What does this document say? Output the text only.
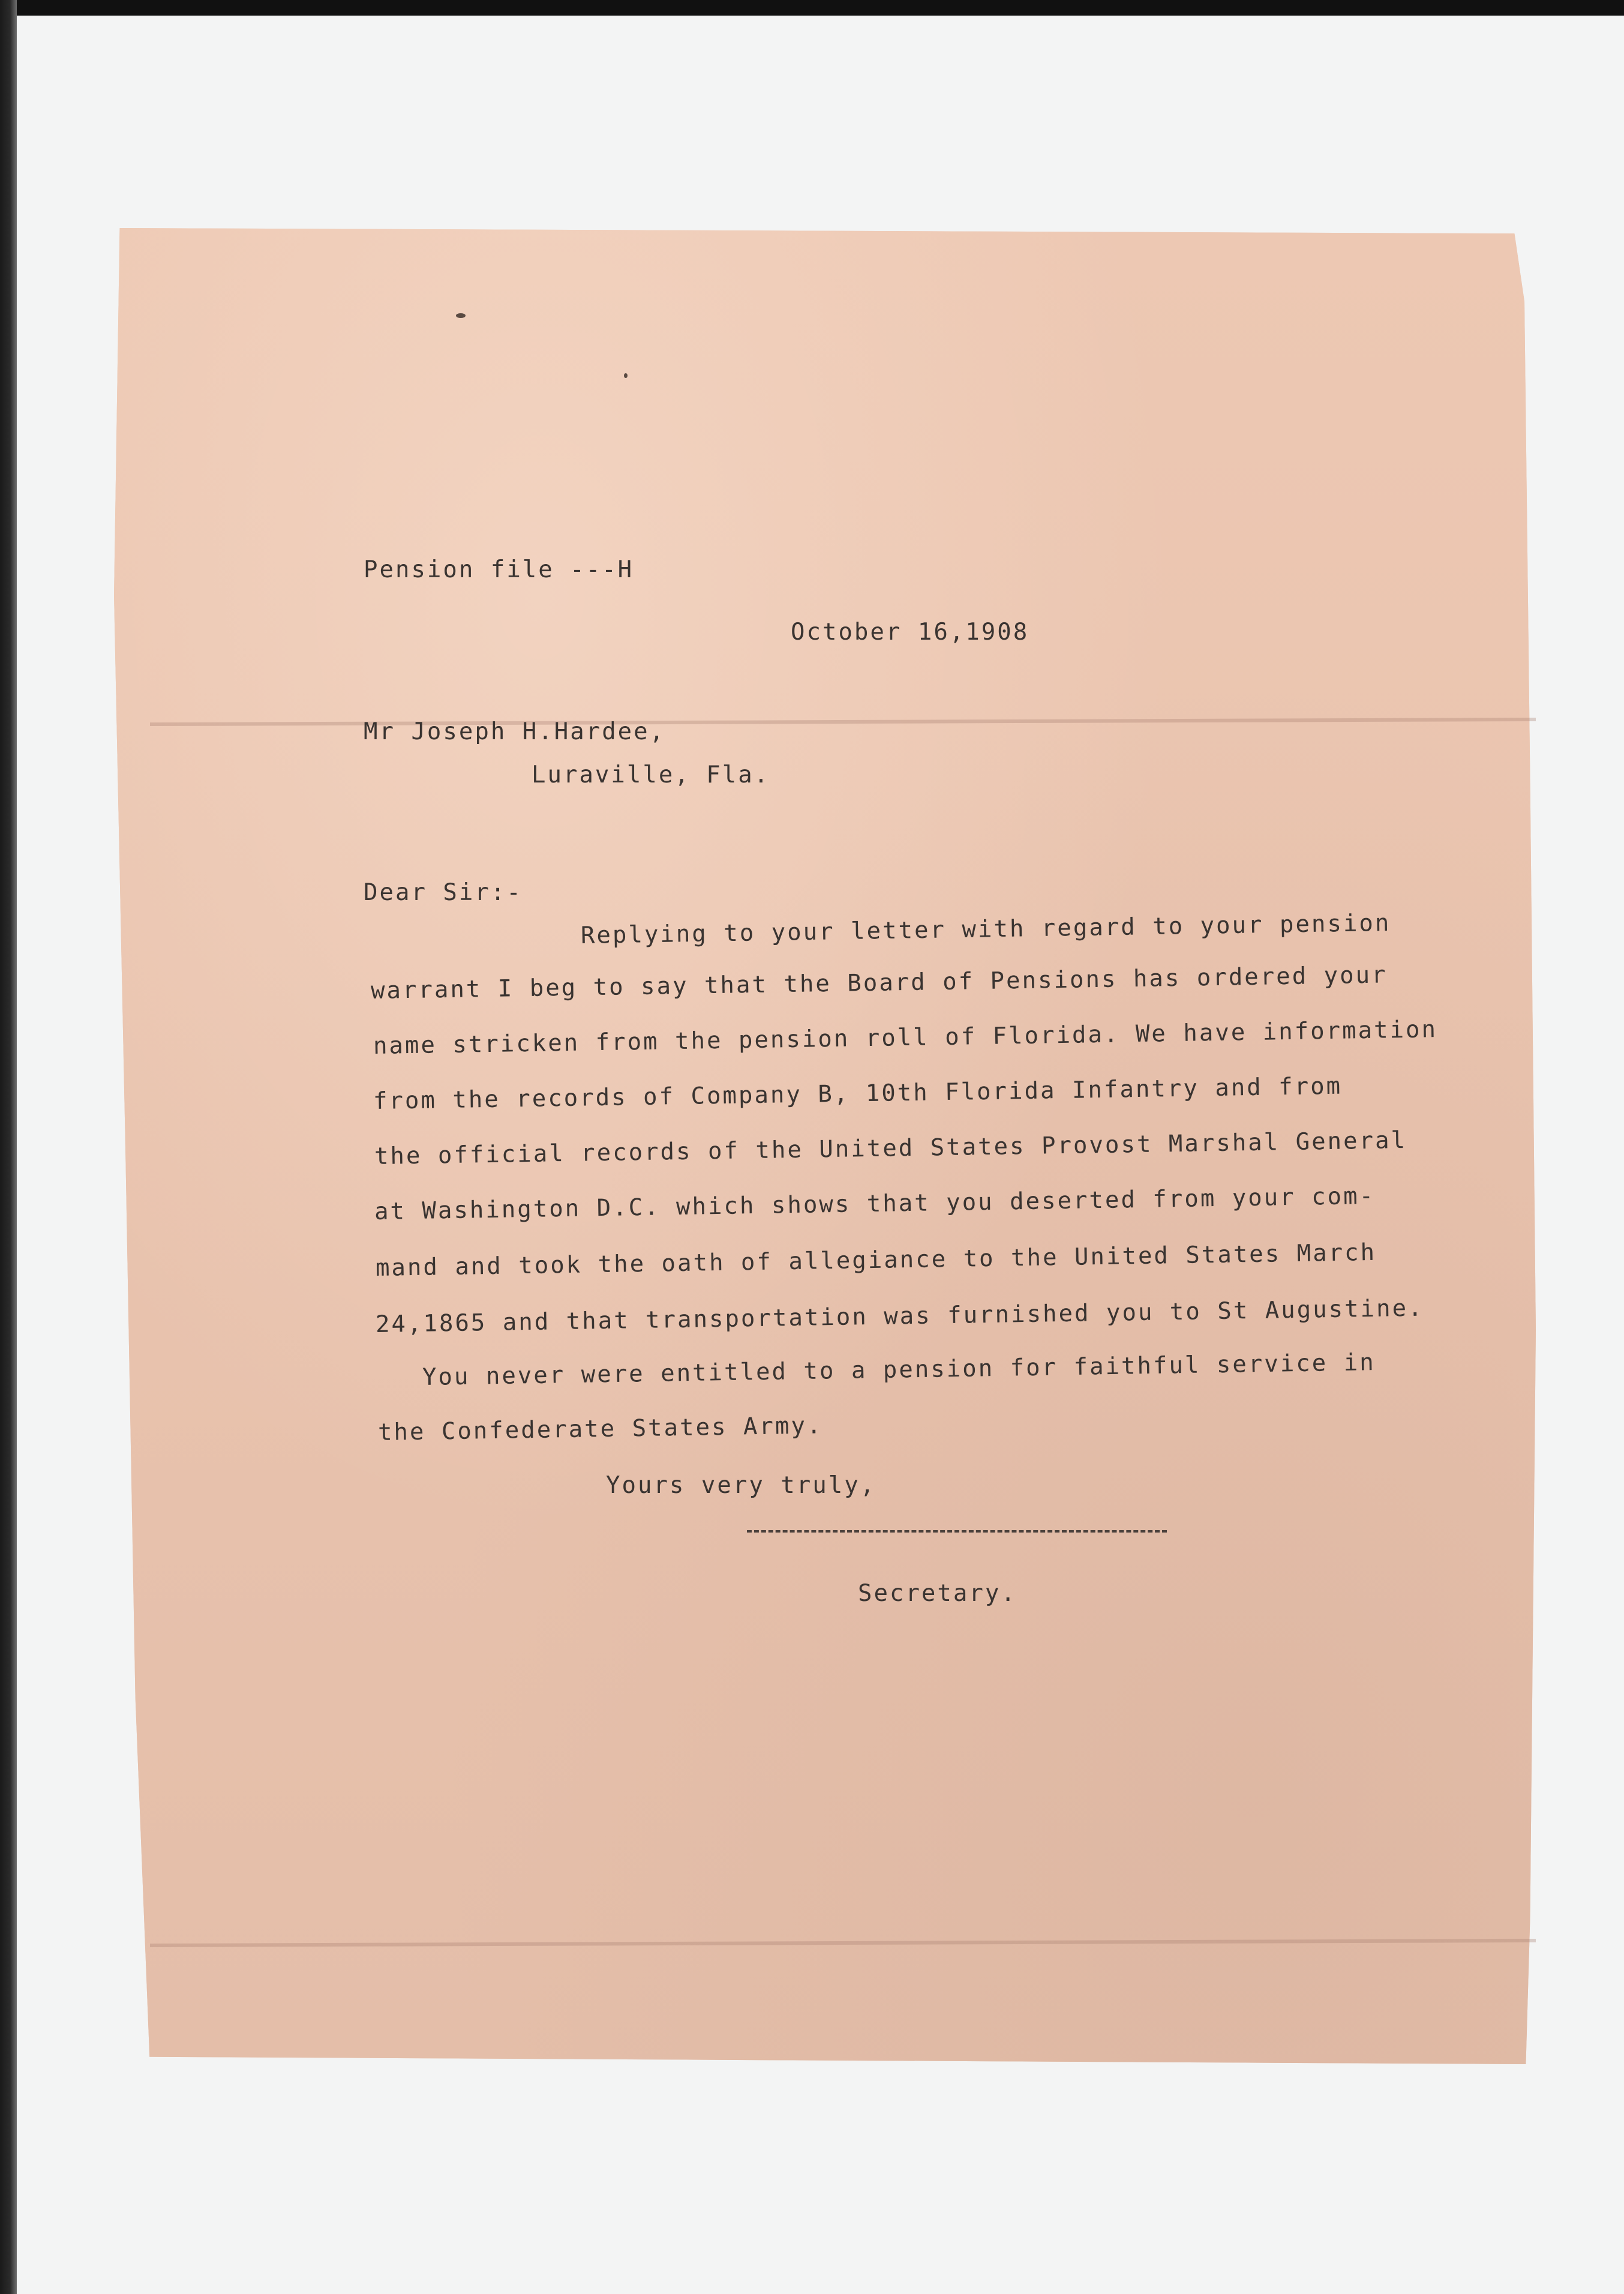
Pension file ---H
October 16,1908
Mr Joseph H.Hardee,
Luraville, Fla.
Dear Sir:-
Replying to your letter with regard to your pension
warrant I beg to say that the Board of Pensions has ordered your
name stricken from the pension roll of Florida. We have information
from the records of Company B, 10th Florida Infantry and from
the official records of the United States Provost Marshal General
at Washington D.C. which shows that you deserted from your com-
mand and took the oath of allegiance to the United States March
24,1865 and that transportation was furnished you to St Augustine.
You never were entitled to a pension for faithful service in
the Confederate States Army.
Yours very truly,
Secretary.
